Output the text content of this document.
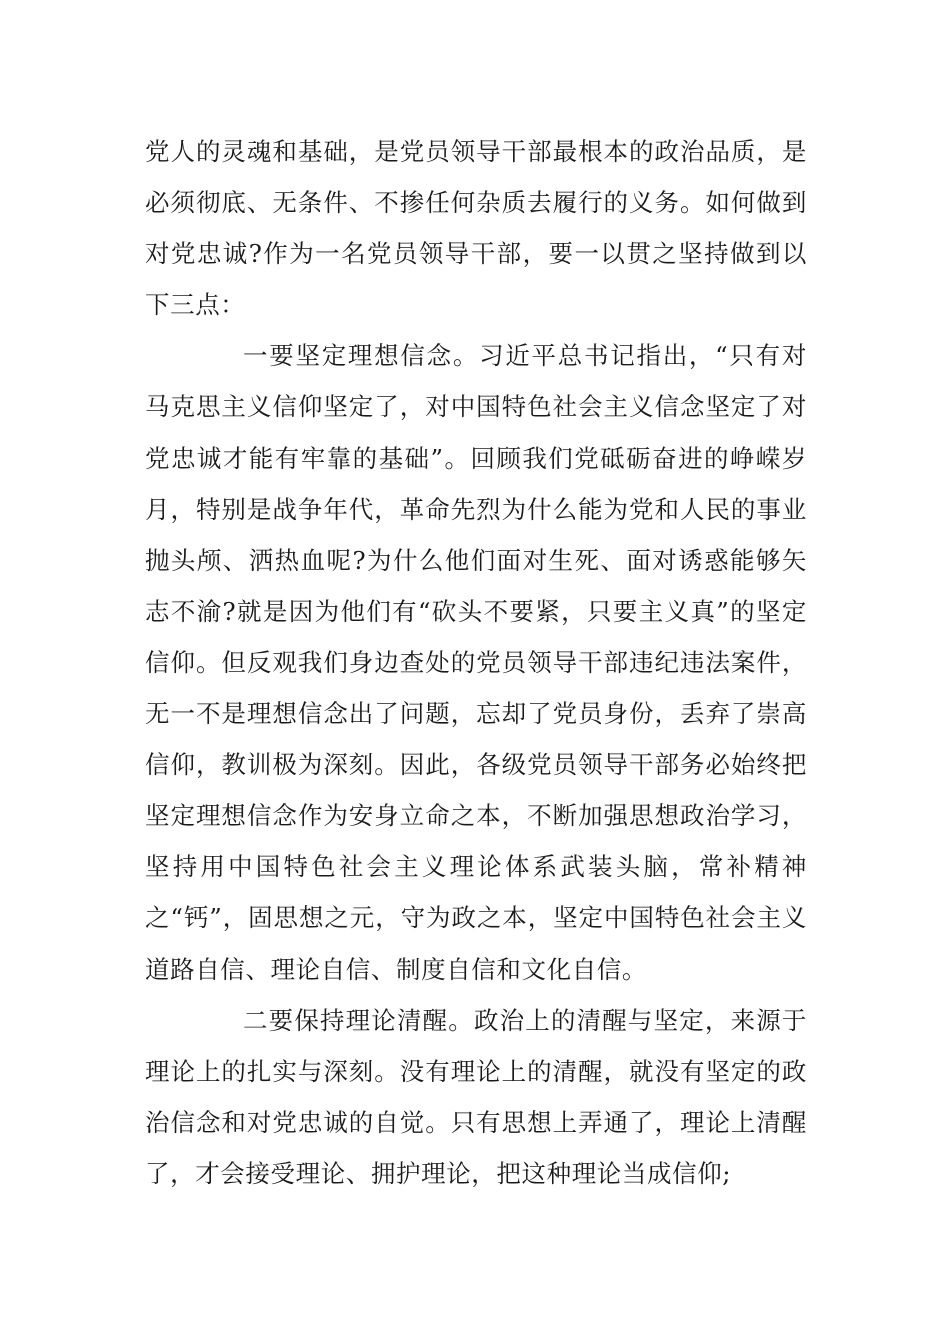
党人的灵魂和基础，是党员领导干部最根本的政治品质，是必须彻底、无条件、不掺任何杂质去履行的义务。如何做到对党忠诚?作为一名党员领导干部，要一以贯之坚持做到以下三点：

一要坚定理想信念。习近平总书记指出，“只有对马克思主义信仰坚定了，对中国特色社会主义信念坚定了对党忠诚才能有牢靠的基础”。回顾我们党砥砺奋进的峥嵘岁月，特别是战争年代，革命先烈为什么能为党和人民的事业抛头颅、洒热血呢?为什么他们面对生死、面对诱惑能够矢志不渝?就是因为他们有“砍头不要紧，只要主义真”的坚定信仰。但反观我们身边查处的党员领导干部违纪违法案件，无一不是理想信念出了问题，忘却了党员身份，丢弃了崇高信仰，教训极为深刻。因此，各级党员领导干部务必始终把坚定理想信念作为安身立命之本，不断加强思想政治学习，坚持用中国特色社会主义理论体系武装头脑，常补精神之“钙”，固思想之元，守为政之本，坚定中国特色社会主义道路自信、理论自信、制度自信和文化自信。

二要保持理论清醒。政治上的清醒与坚定，来源于理论上的扎实与深刻。没有理论上的清醒，就没有坚定的政治信念和对党忠诚的自觉。只有思想上弄通了，理论上清醒了，才会接受理论、拥护理论，把这种理论当成信仰;
